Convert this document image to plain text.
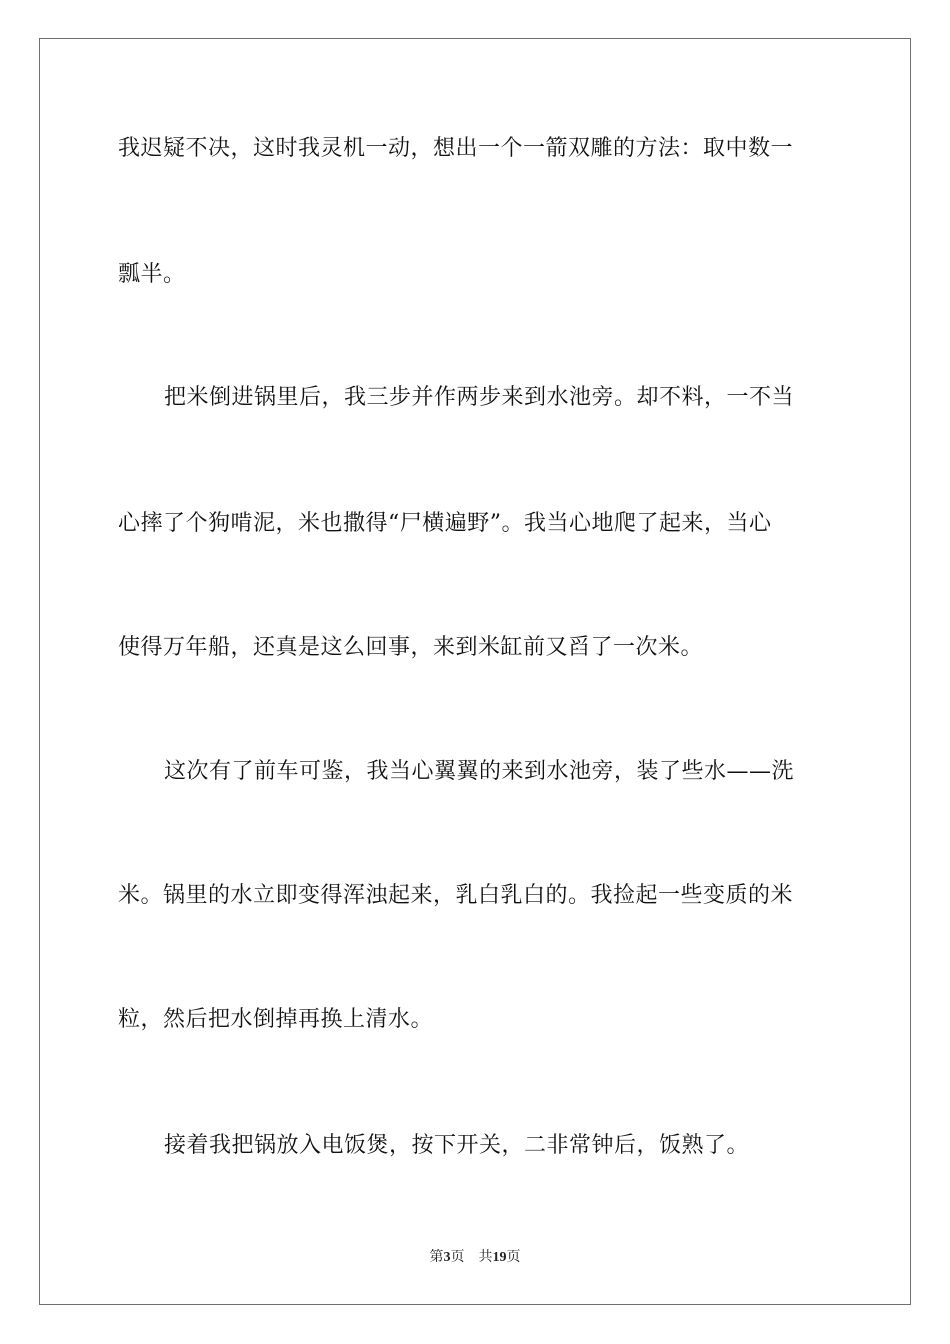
我迟疑不决，这时我灵机一动，想出一个一箭双雕的方法：取中数一
瓢半。
把米倒进锅里后，我三步并作两步来到水池旁。却不料，一不当
心摔了个狗啃泥，米也撒得“尸横遍野”。我当心地爬了起来，当心
使得万年船，还真是这么回事，来到米缸前又舀了一次米。
这次有了前车可鉴，我当心翼翼的来到水池旁，装了些水——洗
米。锅里的水立即变得浑浊起来，乳白乳白的。我捡起一些变质的米
粒，然后把水倒掉再换上清水。
接着我把锅放入电饭煲，按下开关，二非常钟后，饭熟了。
第3页 共19页
